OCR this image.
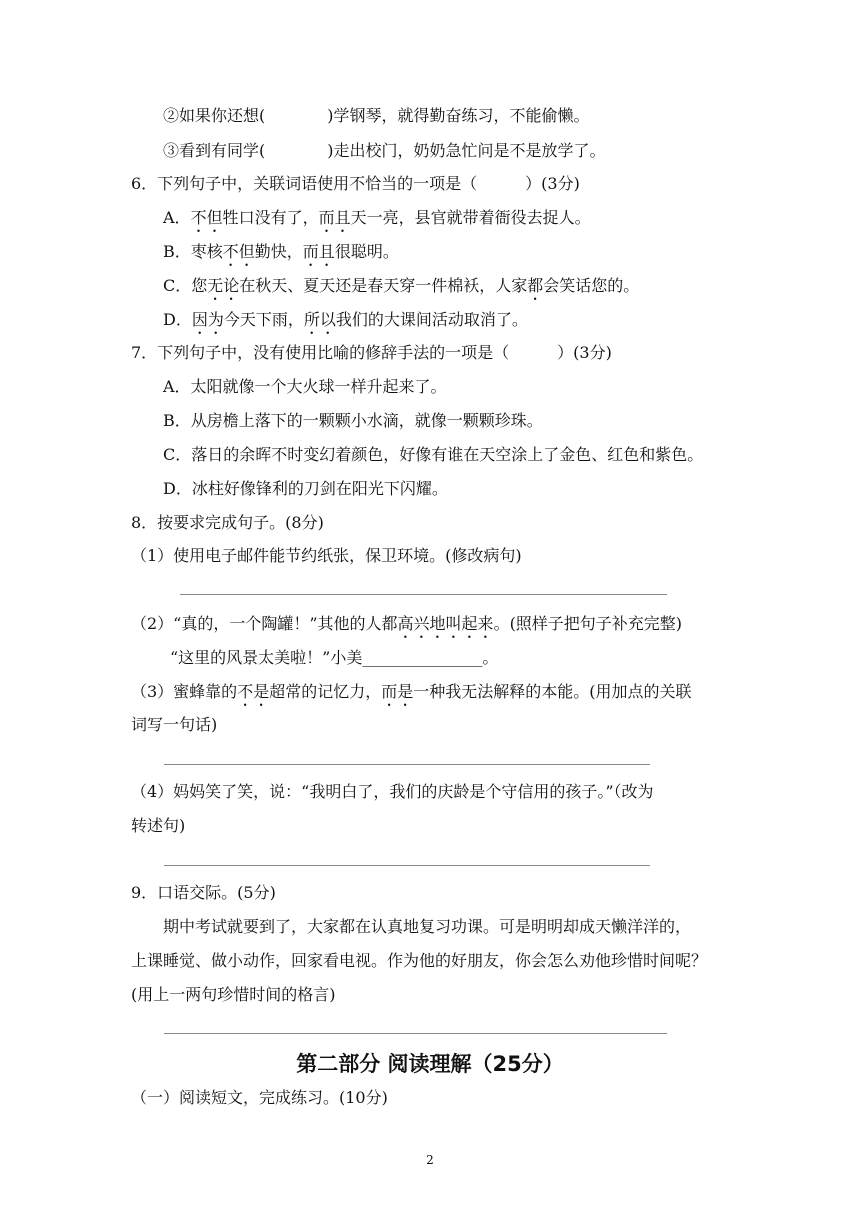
②如果你还想(	)学钢琴，就得勤奋练习，不能偷懒。
③看到有同学(	)走出校门，奶奶急忙问是不是放学了。
6．下列句子中，关联词语使用不恰当的一项是（　　　）(3分)
A．不但牲口没有了，而且天一亮，县官就带着衙役去捉人。
B．枣核不但勤快，而且很聪明。
C．您无论在秋天、夏天还是春天穿一件棉袄，人家都会笑话您的。
D．因为今天下雨，所以我们的大课间活动取消了。
7．下列句子中，没有使用比喻的修辞手法的一项是（　　　）(3分)
A．太阳就像一个大火球一样升起来了。
B．从房檐上落下的一颗颗小水滴，就像一颗颗珍珠。
C．落日的余晖不时变幻着颜色，好像有谁在天空涂上了金色、红色和紫色。
D．冰柱好像锋利的刀剑在阳光下闪耀。
8．按要求完成句子。(8分)
（1）使用电子邮件能节约纸张，保卫环境。(修改病句)
（2）“真的，一个陶罐！”其他的人都高兴地叫起来。(照样子把句子补充完整)
“这里的风景太美啦！”小美_______________。
（3）蜜蜂靠的不是超常的记忆力，而是一种我无法解释的本能。(用加点的关联
词写一句话)
（4）妈妈笑了笑，说：“我明白了，我们的庆龄是个守信用的孩子。”（改为
转述句)
9．口语交际。(5分)
期中考试就要到了，大家都在认真地复习功课。可是明明却成天懒洋洋的，
上课睡觉、做小动作，回家看电视。作为他的好朋友，你会怎么劝他珍惜时间呢？
(用上一两句珍惜时间的格言)
第二部分 阅读理解（25分）
（一）阅读短文，完成练习。(10分)
2
